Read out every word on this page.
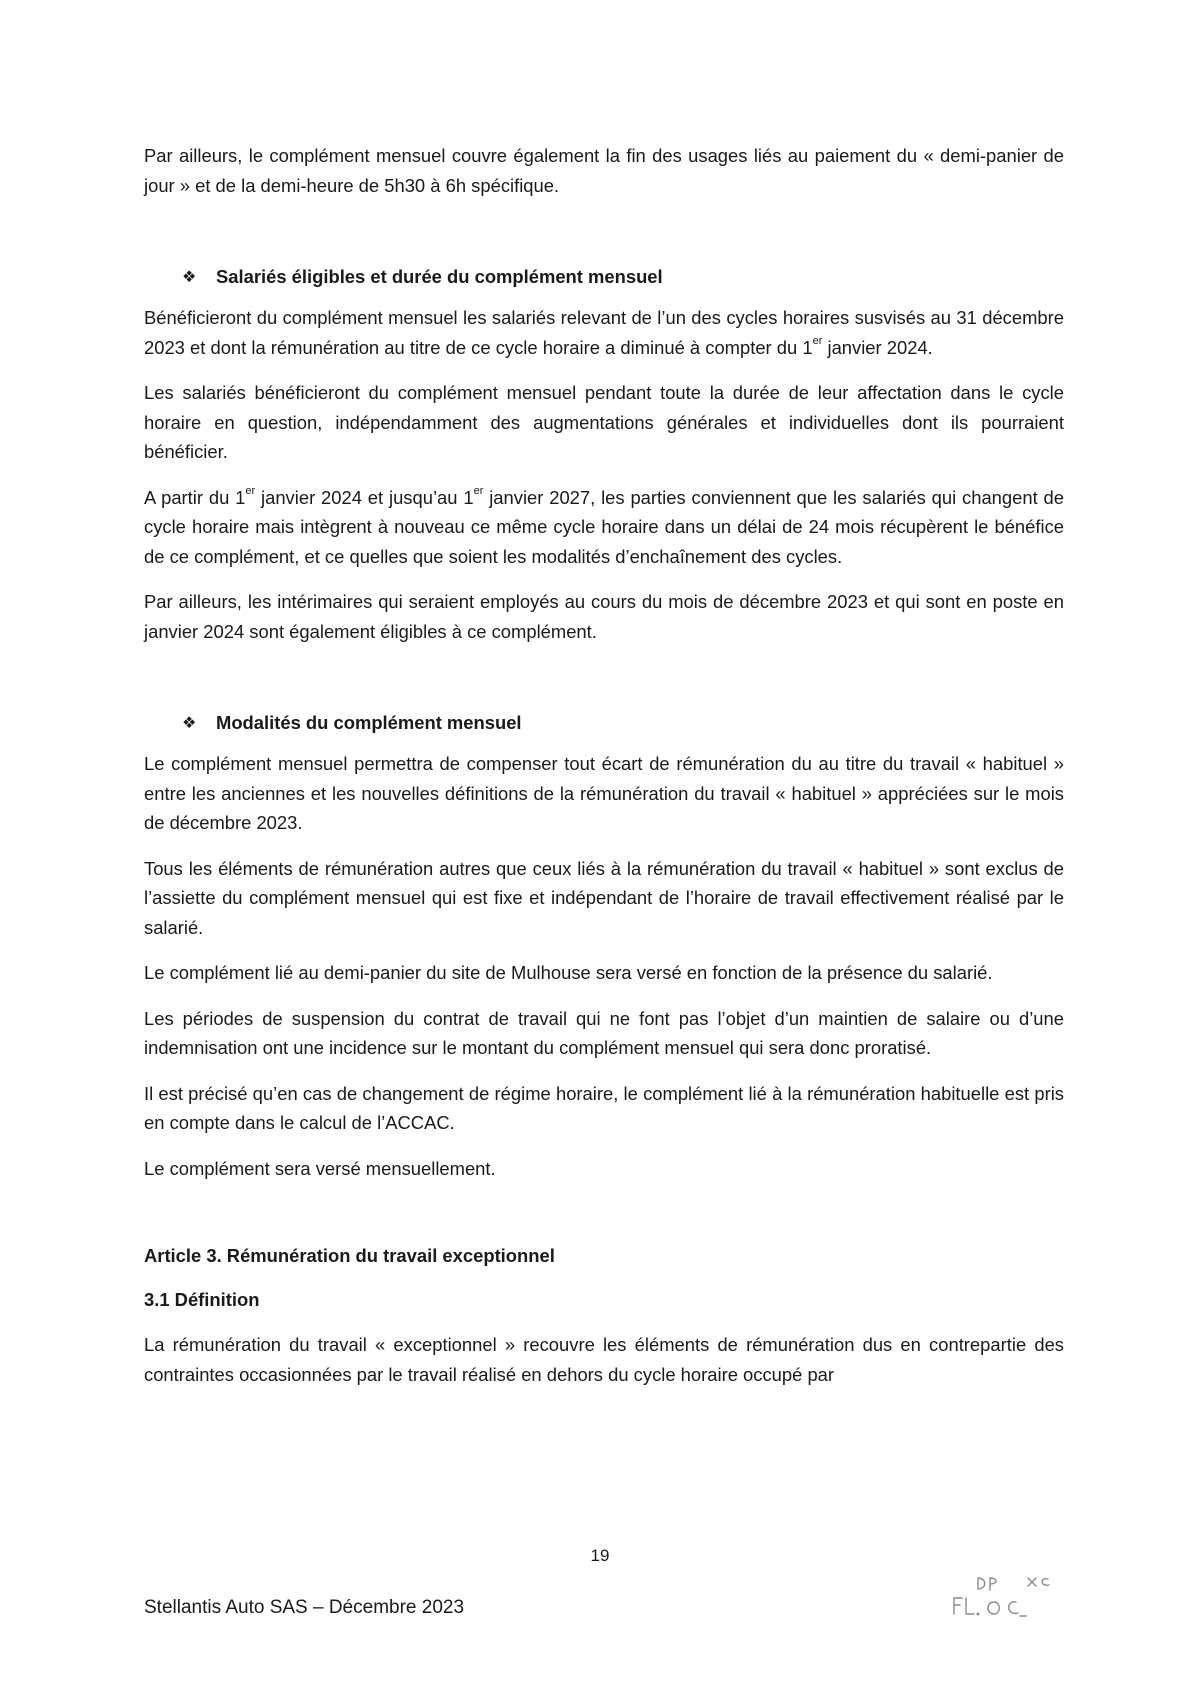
Par ailleurs, le complément mensuel couvre également la fin des usages liés au paiement du « demi-panier de jour » et de la demi-heure de 5h30 à 6h spécifique.

❖ Salariés éligibles et durée du complément mensuel

Bénéficieront du complément mensuel les salariés relevant de l’un des cycles horaires susvisés au 31 décembre 2023 et dont la rémunération au titre de ce cycle horaire a diminué à compter du 1er janvier 2024.

Les salariés bénéficieront du complément mensuel pendant toute la durée de leur affectation dans le cycle horaire en question, indépendamment des augmentations générales et individuelles dont ils pourraient bénéficier.

A partir du 1er janvier 2024 et jusqu’au 1er janvier 2027, les parties conviennent que les salariés qui changent de cycle horaire mais intègrent à nouveau ce même cycle horaire dans un délai de 24 mois récupèrent le bénéfice de ce complément, et ce quelles que soient les modalités d’enchaînement des cycles.

Par ailleurs, les intérimaires qui seraient employés au cours du mois de décembre 2023 et qui sont en poste en janvier 2024 sont également éligibles à ce complément.

❖ Modalités du complément mensuel

Le complément mensuel permettra de compenser tout écart de rémunération du au titre du travail « habituel » entre les anciennes et les nouvelles définitions de la rémunération du travail « habituel » appréciées sur le mois de décembre 2023.

Tous les éléments de rémunération autres que ceux liés à la rémunération du travail « habituel » sont exclus de l’assiette du complément mensuel qui est fixe et indépendant de l’horaire de travail effectivement réalisé par le salarié.

Le complément lié au demi-panier du site de Mulhouse sera versé en fonction de la présence du salarié.

Les périodes de suspension du contrat de travail qui ne font pas l’objet d’un maintien de salaire ou d’une indemnisation ont une incidence sur le montant du complément mensuel qui sera donc proratisé.

Il est précisé qu’en cas de changement de régime horaire, le complément lié à la rémunération habituelle est pris en compte dans le calcul de l’ACCAC.

Le complément sera versé mensuellement.

Article 3. Rémunération du travail exceptionnel
3.1 Définition

La rémunération du travail « exceptionnel » recouvre les éléments de rémunération dus en contrepartie des contraintes occasionnées par le travail réalisé en dehors du cycle horaire occupé par

19
Stellantis Auto SAS – Décembre 2023
